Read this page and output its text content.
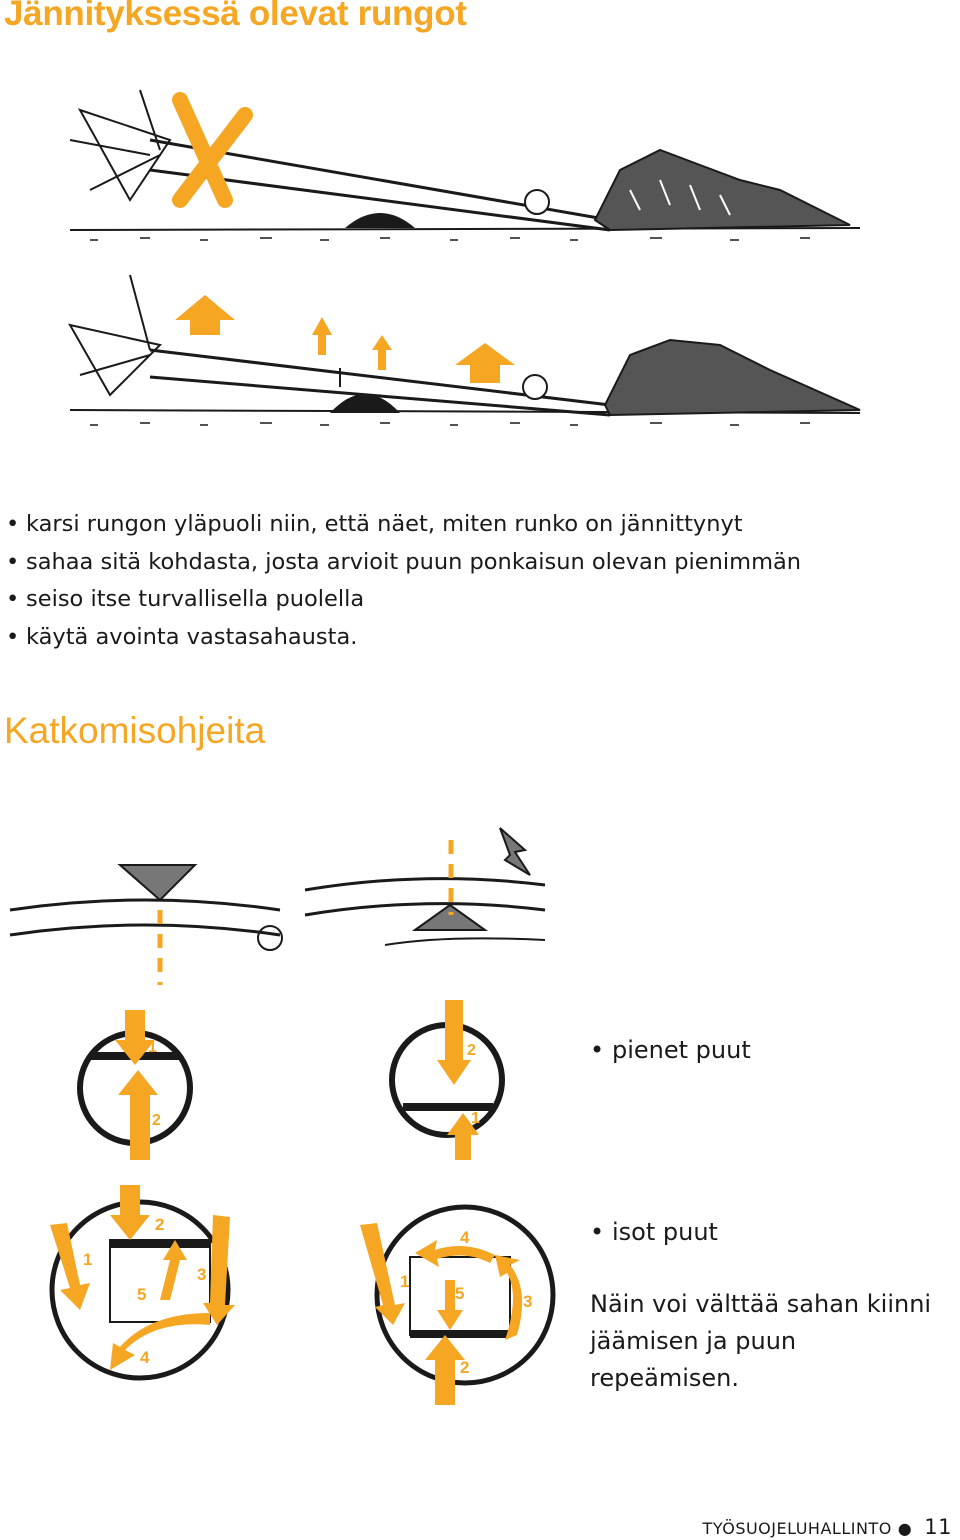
Jännityksessä olevat rungot
• karsi rungon yläpuoli niin, että näet, miten runko on jännittynyt
• sahaa sitä kohdasta, josta arvioit puun ponkaisun olevan pienimmän
• seiso itse turvallisella puolella
• käytä avointa vastasahausta.
Katkomisohjeita
1
2
2
1
• pienet puut
1
2
3
4
5
1
2
3
4
5
• isot puut
Näin voi välttää sahan kiinni jäämisen ja puun repeämisen.
TYÖSUOJELUHALLINTO ● 11
